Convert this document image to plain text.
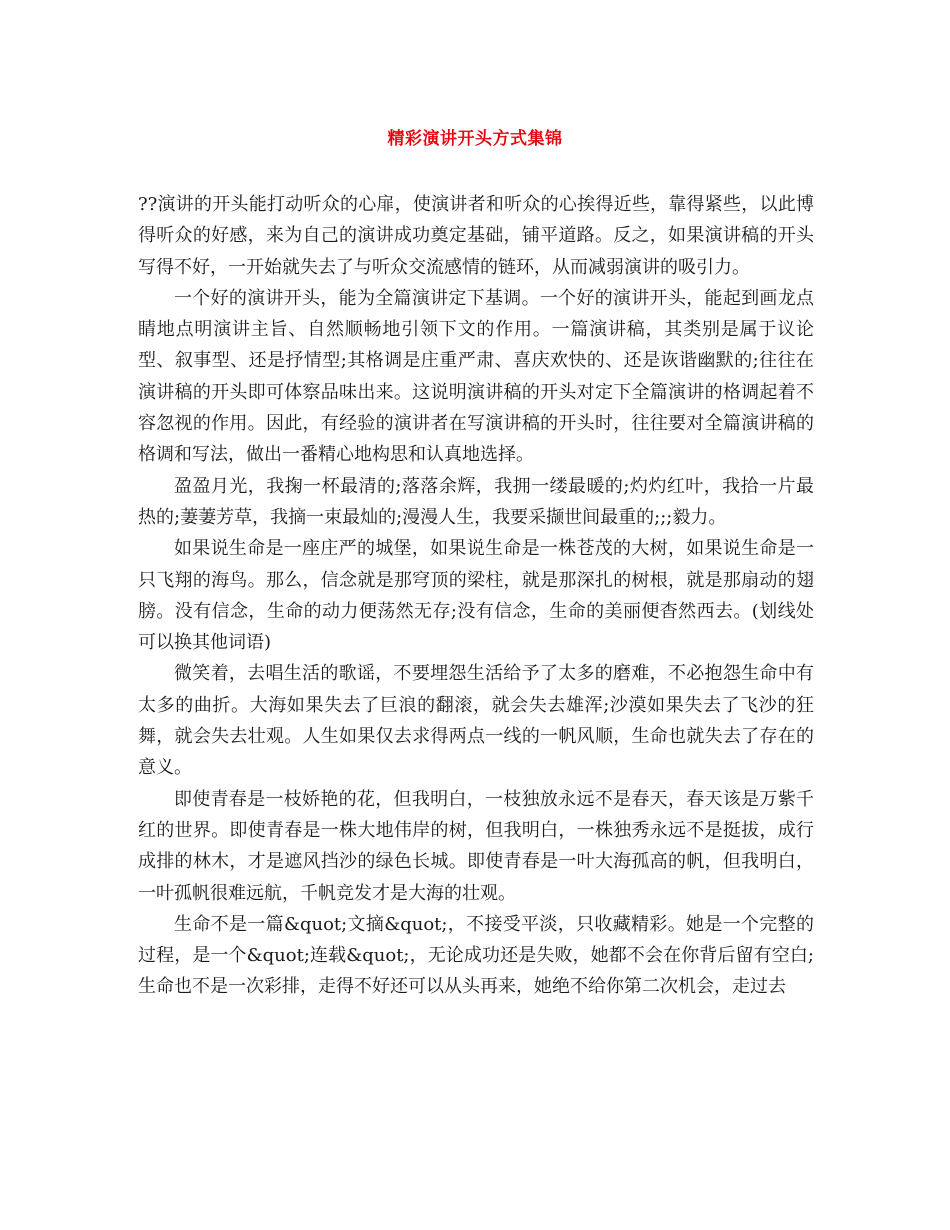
精彩演讲开头方式集锦

??演讲的开头能打动听众的心扉，使演讲者和听众的心挨得近些，靠得紧些，以此博得听众的好感，来为自己的演讲成功奠定基础，铺平道路。反之，如果演讲稿的开头写得不好，一开始就失去了与听众交流感情的链环，从而减弱演讲的吸引力。

一个好的演讲开头，能为全篇演讲定下基调。一个好的演讲开头，能起到画龙点睛地点明演讲主旨、自然顺畅地引领下文的作用。一篇演讲稿，其类别是属于议论型、叙事型、还是抒情型;其格调是庄重严肃、喜庆欢快的、还是诙谐幽默的;往往在演讲稿的开头即可体察品味出来。这说明演讲稿的开头对定下全篇演讲的格调起着不容忽视的作用。因此，有经验的演讲者在写演讲稿的开头时，往往要对全篇演讲稿的格调和写法，做出一番精心地构思和认真地选择。

盈盈月光，我掬一杯最清的;落落余辉，我拥一缕最暖的;灼灼红叶，我拾一片最热的;萋萋芳草，我摘一束最灿的;漫漫人生，我要采撷世间最重的;;;毅力。

如果说生命是一座庄严的城堡，如果说生命是一株苍茂的大树，如果说生命是一只飞翔的海鸟。那么，信念就是那穹顶的梁柱，就是那深扎的树根，就是那扇动的翅膀。没有信念，生命的动力便荡然无存;没有信念，生命的美丽便杳然西去。(划线处可以换其他词语)

微笑着，去唱生活的歌谣，不要埋怨生活给予了太多的磨难，不必抱怨生命中有太多的曲折。大海如果失去了巨浪的翻滚，就会失去雄浑;沙漠如果失去了飞沙的狂舞，就会失去壮观。人生如果仅去求得两点一线的一帆风顺，生命也就失去了存在的意义。

即使青春是一枝娇艳的花，但我明白，一枝独放永远不是春天，春天该是万紫千红的世界。即使青春是一株大地伟岸的树，但我明白，一株独秀永远不是挺拔，成行成排的林木，才是遮风挡沙的绿色长城。即使青春是一叶大海孤高的帆，但我明白，一叶孤帆很难远航，千帆竞发才是大海的壮观。

生命不是一篇&quot;文摘&quot;，不接受平淡，只收藏精彩。她是一个完整的过程，是一个&quot;连载&quot;，无论成功还是失败，她都不会在你背后留有空白;生命也不是一次彩排，走得不好还可以从头再来，她绝不给你第二次机会，走过去
